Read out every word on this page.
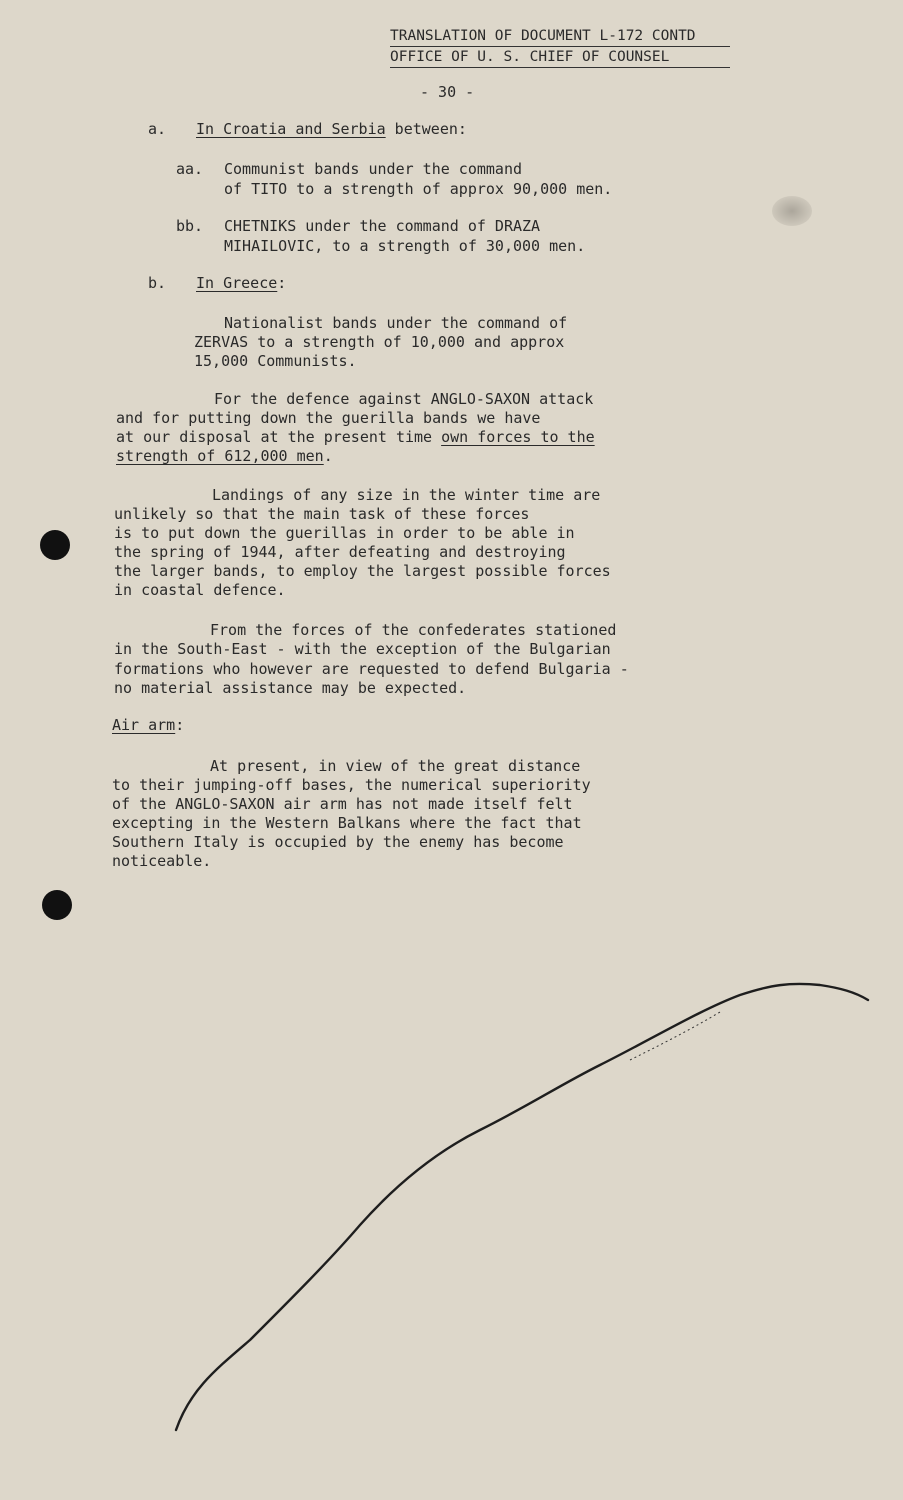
TRANSLATION OF DOCUMENT L-172 CONTD
OFFICE OF U. S. CHIEF OF COUNSEL
- 30 -
a. In Croatia and Serbia between:
aa. Communist bands under the command
of TITO to a strength of approx 90,000 men.
bb. CHETNIKS under the command of DRAZA
MIHAILOVIC, to a strength of 30,000 men.
b. In Greece:
Nationalist bands under the command of
ZERVAS to a strength of 10,000 and approx
15,000 Communists.
For the defence against ANGLO-SAXON attack
and for putting down the guerilla bands we have
at our disposal at the present time own forces to the
strength of 612,000 men.
Landings of any size in the winter time are
unlikely so that the main task of these forces
is to put down the guerillas in order to be able in
the spring of 1944, after defeating and destroying
the larger bands, to employ the largest possible forces
in coastal defence.
From the forces of the confederates stationed
in the South-East - with the exception of the Bulgarian
formations who however are requested to defend Bulgaria -
no material assistance may be expected.
Air arm:
At present, in view of the great distance
to their jumping-off bases, the numerical superiority
of the ANGLO-SAXON air arm has not made itself felt
excepting in the Western Balkans where the fact that
Southern Italy is occupied by the enemy has become
noticeable.
